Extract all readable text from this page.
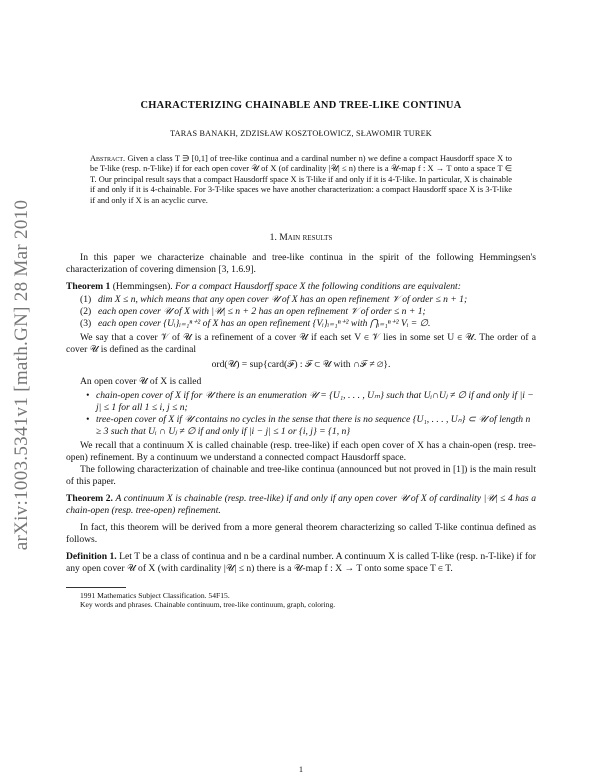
arXiv:1003.5341v1 [math.GN] 28 Mar 2010
CHARACTERIZING CHAINABLE AND TREE-LIKE CONTINUA
TARAS BANAKH, ZDZISŁAW KOSZTOŁOWICZ, SŁAWOMIR TUREK
Abstract. Given a class T ∋ [0,1] of tree-like continua and a cardinal number n) we define a compact Hausdorff space X to be T-like (resp. n-T-like) if for each open cover 𝒰 of X (of cardinality |𝒰| ≤ n) there is a 𝒰-map f : X → T onto a space T ∈ T. Our principal result says that a compact Hausdorff space X is T-like if and only if it is 4-T-like. In particular, X is chainable if and only if it is 4-chainable. For 3-T-like spaces we have another characterization: a compact Hausdorff space X is 3-T-like if and only if X is an acyclic curve.
1. Main results

In this paper we characterize chainable and tree-like continua in the spirit of the following Hemmingsen's characterization of covering dimension [3, 1.6.9].

Theorem 1 (Hemmingsen). For a compact Hausdorff space X the following conditions are equivalent:

(1) dim X ≤ n, which means that any open cover 𝒰 of X has an open refinement 𝒱 of order ≤ n + 1;
(2) each open cover 𝒰 of X with |𝒰| ≤ n + 2 has an open refinement 𝒱 of order ≤ n + 1;
(3) each open cover {Uᵢ}ᵢ₌₁ⁿ⁺² of X has an open refinement {Vᵢ}ᵢ₌₁ⁿ⁺² with ⋂ᵢ₌₁ⁿ⁺² Vᵢ = ∅.

We say that a cover 𝒱 of 𝒰 is a refinement of a cover 𝒰 if each set V ∈ 𝒱 lies in some set U ∈ 𝒰. The order of a cover 𝒰 is defined as the cardinal

ord(𝒰) = sup{card(ℱ) : ℱ ⊂ 𝒰 with ∩ℱ ≠ ∅}.

An open cover 𝒰 of X is called

• chain-open cover of X if for 𝒰 there is an enumeration 𝒰 = {U₁, . . . , Uₘ} such that Uᵢ∩Uⱼ ≠ ∅ if and only if |i − j| ≤ 1 for all 1 ≤ i, j ≤ n;
• tree-open cover of X if 𝒰 contains no cycles in the sense that there is no sequence {U₁, . . . , Uₙ} ⊂ 𝒰 of length n ≥ 3 such that Uᵢ ∩ Uⱼ ≠ ∅ if and only if |i − j| ≤ 1 or {i, j} = {1, n}

We recall that a continuum X is called chainable (resp. tree-like) if each open cover of X has a chain-open (resp. tree-open) refinement. By a continuum we understand a connected compact Hausdorff space.

The following characterization of chainable and tree-like continua (announced but not proved in [1]) is the main result of this paper.

Theorem 2. A continuum X is chainable (resp. tree-like) if and only if any open cover 𝒰 of X of cardinality |𝒰| ≤ 4 has a chain-open (resp. tree-open) refinement.

In fact, this theorem will be derived from a more general theorem characterizing so called T-like continua defined as follows.

Definition 1. Let T be a class of continua and n be a cardinal number. A continuum X is called T-like (resp. n-T-like) if for any open cover 𝒰 of X (with cardinality |𝒰| ≤ n) there is a 𝒰-map f : X → T onto some space T ∈ T.

1991 Mathematics Subject Classification. 54F15.

Key words and phrases. Chainable continuum, tree-like continuum, graph, coloring.

1
